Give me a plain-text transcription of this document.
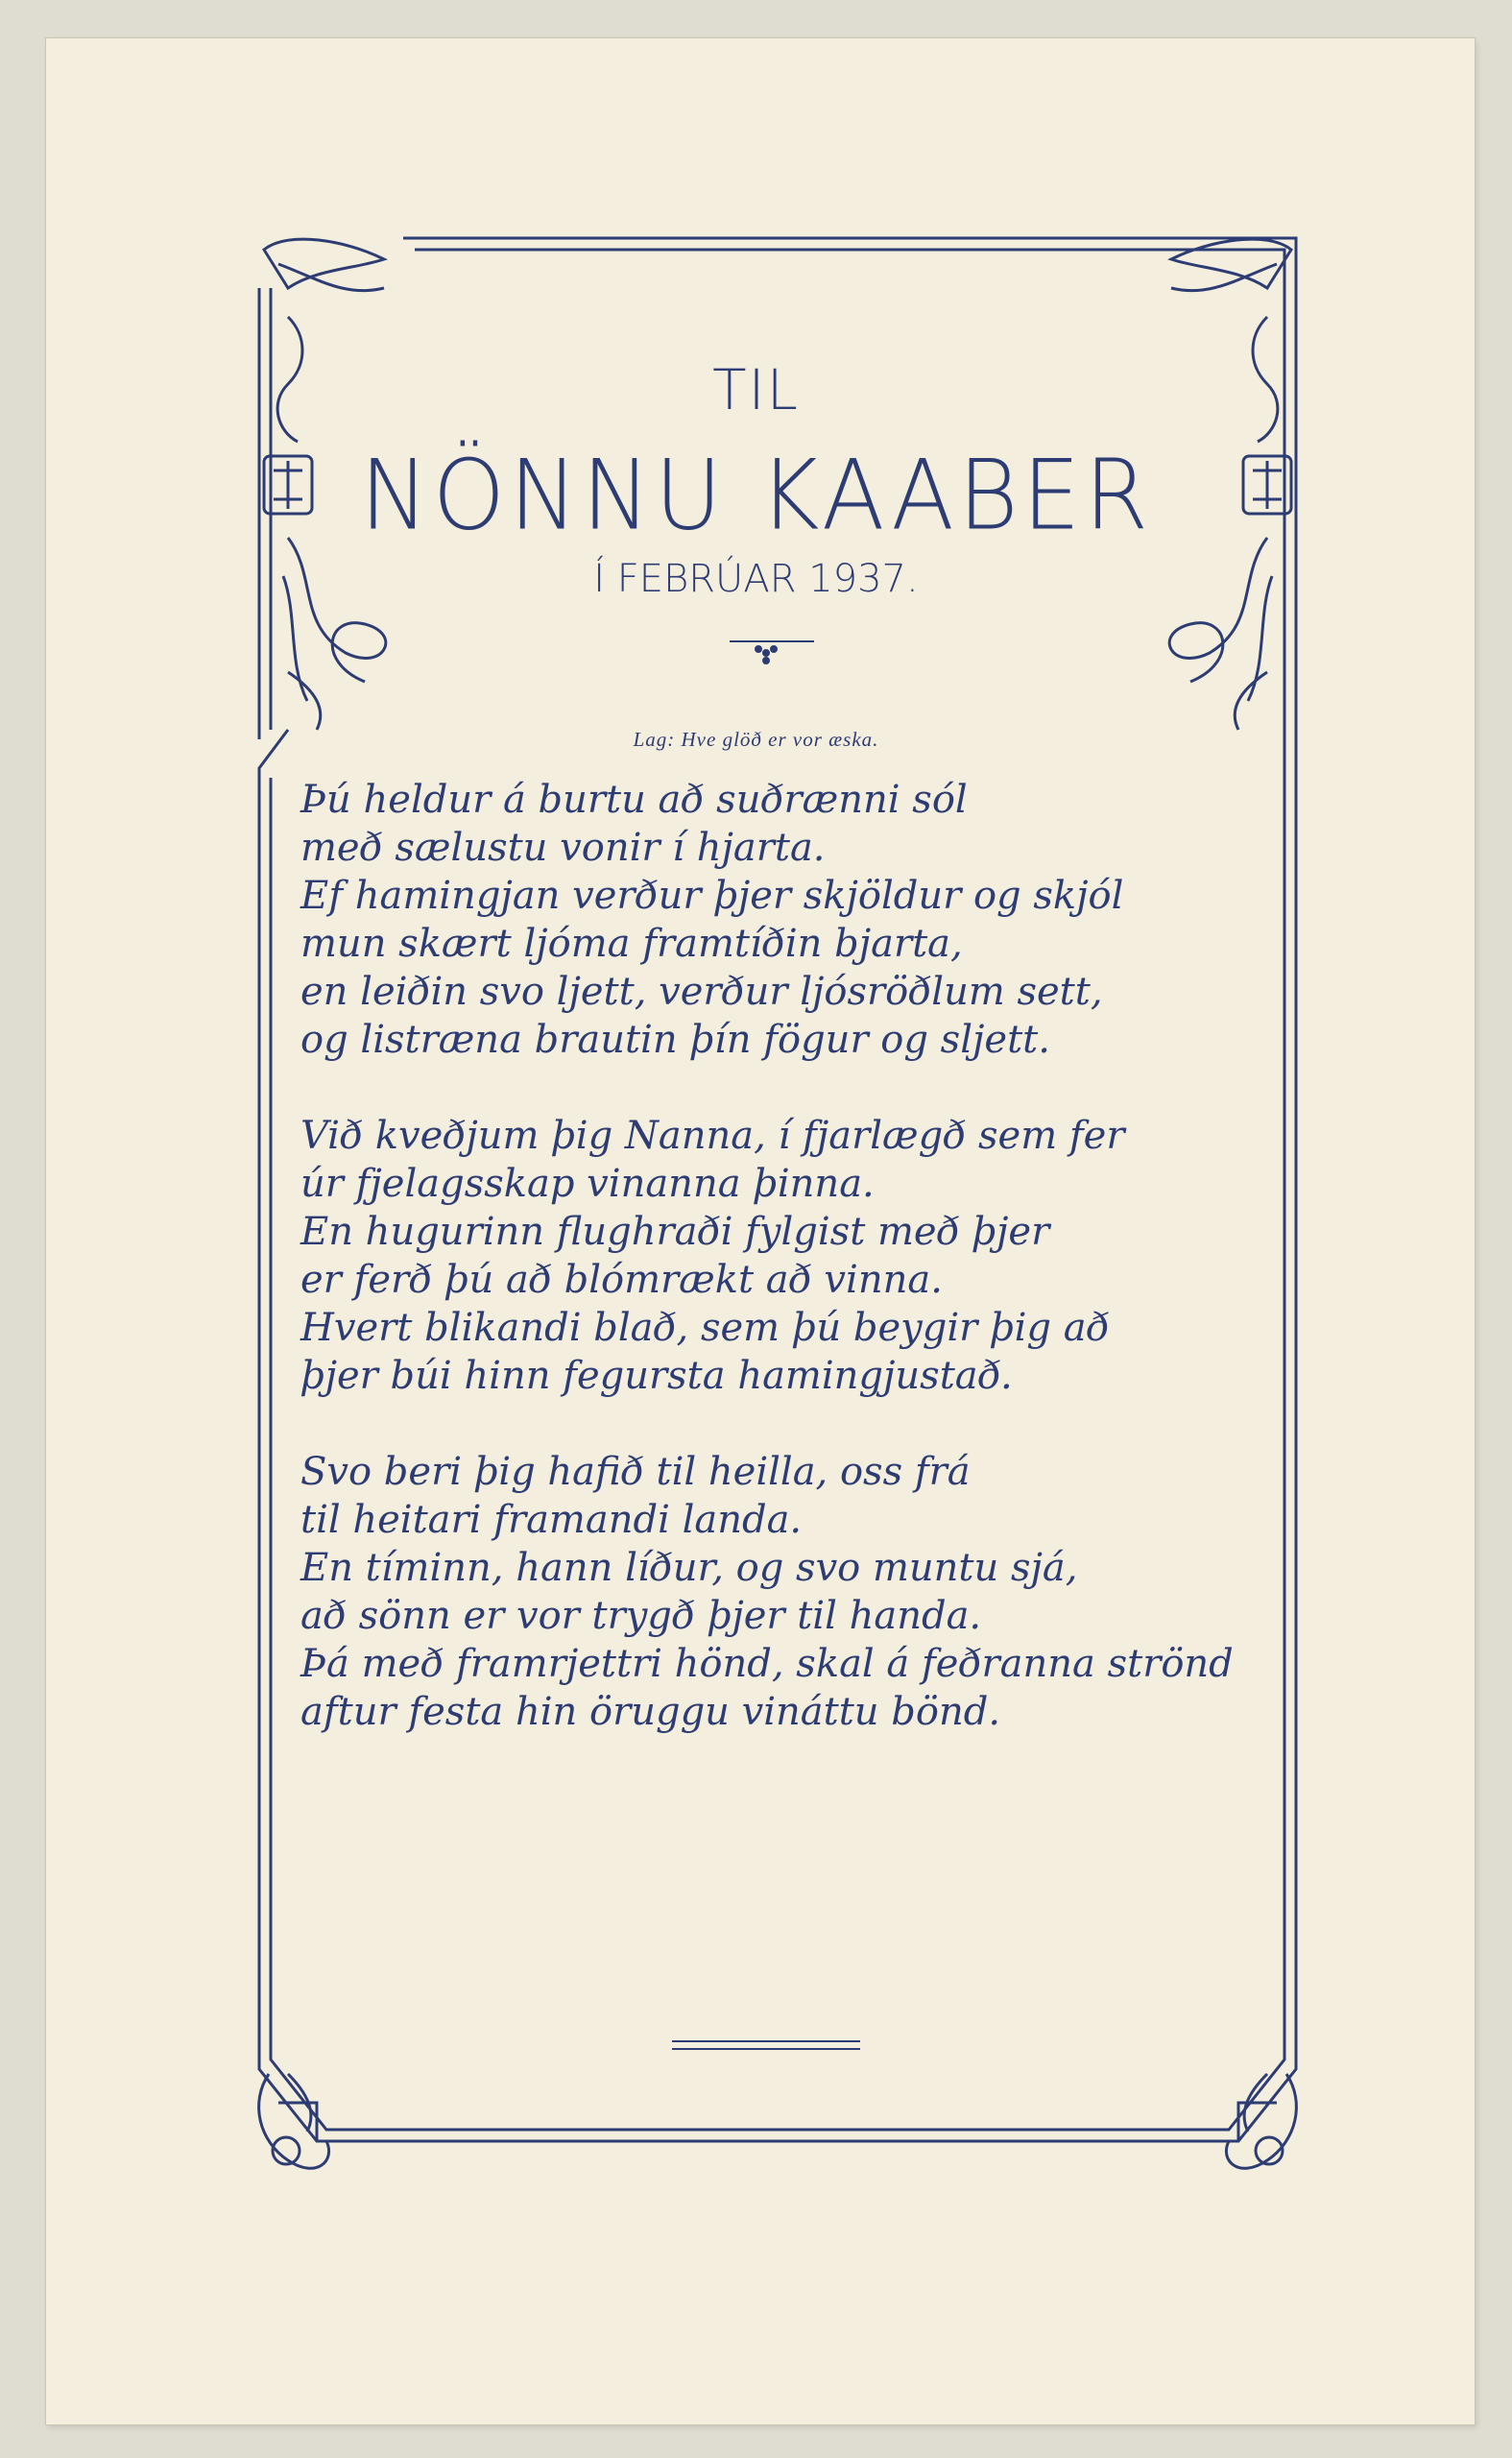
TIL
NÖNNU KAABER
Í FEBRÚAR 1937.
Lag: Hve glöð er vor æska.

Þú heldur á burtu að suðrænni sól
með sælustu vonir í hjarta.
Ef hamingjan verður þjer skjöldur og skjól
mun skært ljóma framtíðin bjarta,
en leiðin svo ljett, verður ljósröðlum sett,
og listræna brautin þín fögur og sljett.

Við kveðjum þig Nanna, í fjarlægð sem fer
úr fjelagsskap vinanna þinna.
En hugurinn flughraði fylgist með þjer
er ferð þú að blómrækt að vinna.
Hvert blikandi blað, sem þú beygir þig að
þjer búi hinn fegursta hamingjustað.

Svo beri þig hafið til heilla, oss frá
til heitari framandi landa.
En tíminn, hann líður, og svo muntu sjá,
að sönn er vor trygð þjer til handa.
Þá með framrjettri hönd, skal á feðranna strönd
aftur festa hin öruggu vináttu bönd.
